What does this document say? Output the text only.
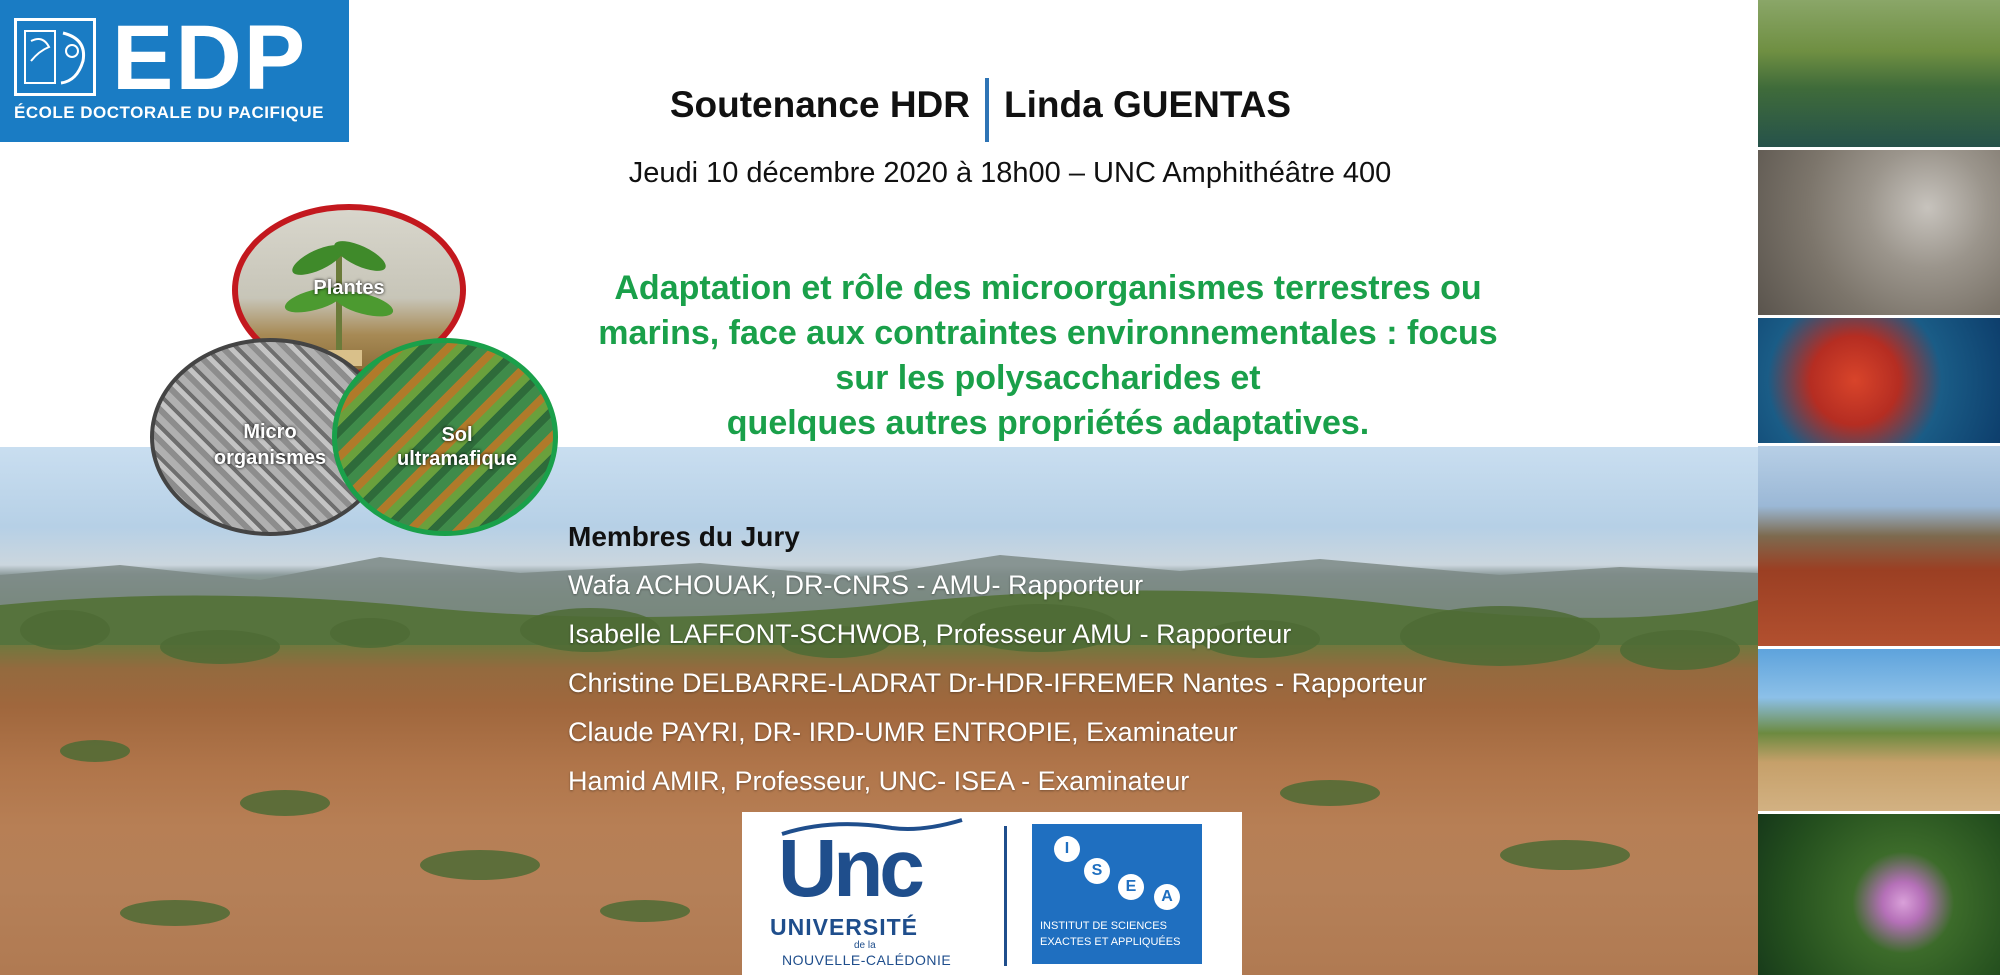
EDP
ÉCOLE DOCTORALE DU PACIFIQUE	Soutenance HDR Linda GUENTAS
Jeudi 10 décembre 2020 à 18h00 – UNC Amphithéâtre 400
Adaptation et rôle des microorganismes terrestres ou
marins, face aux contraintes environnementales : focus
sur les polysaccharides et
quelques autres propriétés adaptatives.
Plantes
Micro
organismes
Sol
ultramafique
Membres du Jury
Wafa ACHOUAK, DR-CNRS - AMU- Rapporteur
Isabelle LAFFONT-SCHWOB, Professeur AMU - Rapporteur
Christine DELBARRE-LADRAT Dr-HDR-IFREMER Nantes - Rapporteur
Claude PAYRI, DR- IRD-UMR ENTROPIE, Examinateur
Hamid AMIR, Professeur, UNC- ISEA - Examinateur
Unc
UNIVERSITÉ
de la
NOUVELLE-CALÉDONIE
I
S
E
A
INSTITUT DE SCIENCES
EXACTES ET APPLIQUÉES
